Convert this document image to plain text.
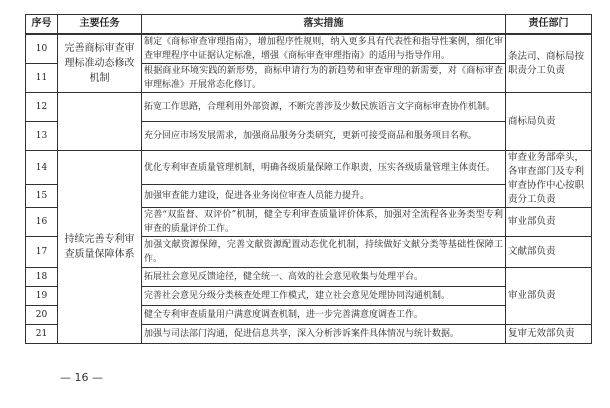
序号	主要任务	落实措施	责任部门
10	完善商标审查审理标准动态修改机制	制定《商标审查审理指南》，增加程序性规则，纳入更多具有代表性和指导性案例，细化审查审理程序中证据认定标准，增强《商标审查审理指南》的适用与指导作用。	条法司、商标局按职责分工负责
11		根据商业环境实践的新形势，商标申请行为的新趋势和审查审理的新需要，对《商标审查审理标准》开展常态化修订。	
12		拓宽工作思路，合理利用外部资源，不断完善涉及少数民族语言文字商标审查协作机制。	商标局负责
13		充分回应市场发展需求，加强商品服务分类研究，更新可接受商品和服务项目名称。	
14	持续完善专利审查质量保障体系	优化专利审查质量管理机制，明确各级质量保障工作职责，压实各级质量管理主体责任。	审查业务部牵头，各审查部门及专利审查协作中心按职责分工负责
15		加强审查能力建设，促进各业务岗位审查人员能力提升。	
16		完善“双监督、双评价”机制，健全专利审查质量评价体系，加强对全流程各业务类型专利审查的质量评价工作。	审业部负责
17		加强文献资源保障，完善文献资源配置动态优化机制，持续做好文献分类等基础性保障工作。	文献部负责
18		拓展社会意见反馈途径，健全统一、高效的社会意见收集与处理平台。	审业部负责
19		完善社会意见分级分类核查处理工作模式，建立社会意见处理协同沟通机制。	
20		健全专利审查质量用户满意度调查机制，进一步完善满意度调查工作。	
21		加强与司法部门沟通，促进信息共享，深入分析涉诉案件具体情况与统计数据。	复审无效部负责
— 16 —
